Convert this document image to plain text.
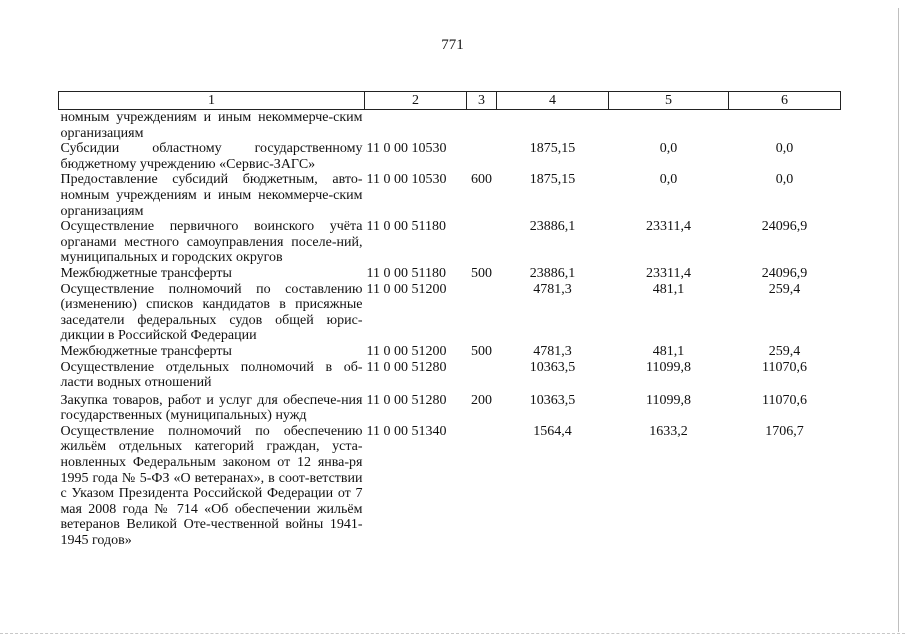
771
1	2	3	4	5	6
номным учреждениям и иным некоммерче-ским организациям					
Субсидии областному государственному бюджетному учреждению «Сервис-ЗАГС»	11 0 00 10530		1875,15	0,0	0,0
Предоставление субсидий бюджетным, авто-номным учреждениям и иным некоммерче-ским организациям	11 0 00 10530	600	1875,15	0,0	0,0
Осуществление первичного воинского учёта органами местного самоуправления поселе-ний, муниципальных и городских округов	11 0 00 51180		23886,1	23311,4	24096,9
Межбюджетные трансферты	11 0 00 51180	500	23886,1	23311,4	24096,9
Осуществление полномочий по составлению (изменению) списков кандидатов в присяжные заседатели федеральных судов общей юрис-дикции в Российской Федерации	11 0 00 51200		4781,3	481,1	259,4
Межбюджетные трансферты	11 0 00 51200	500	4781,3	481,1	259,4
Осуществление отдельных полномочий в об-ласти водных отношений	11 0 00 51280		10363,5	11099,8	11070,6
Закупка товаров, работ и услуг для обеспече-ния государственных (муниципальных) нужд	11 0 00 51280	200	10363,5	11099,8	11070,6
Осуществление полномочий по обеспечению жильём отдельных категорий граждан, уста-новленных Федеральным законом от 12 янва-ря 1995 года № 5-ФЗ «О ветеранах», в соот-ветствии с Указом Президента Российской Федерации от 7 мая 2008 года № 714 «Об обеспечении жильём ветеранов Великой Оте-чественной войны 1941-1945 годов»	11 0 00 51340		1564,4	1633,2	1706,7
